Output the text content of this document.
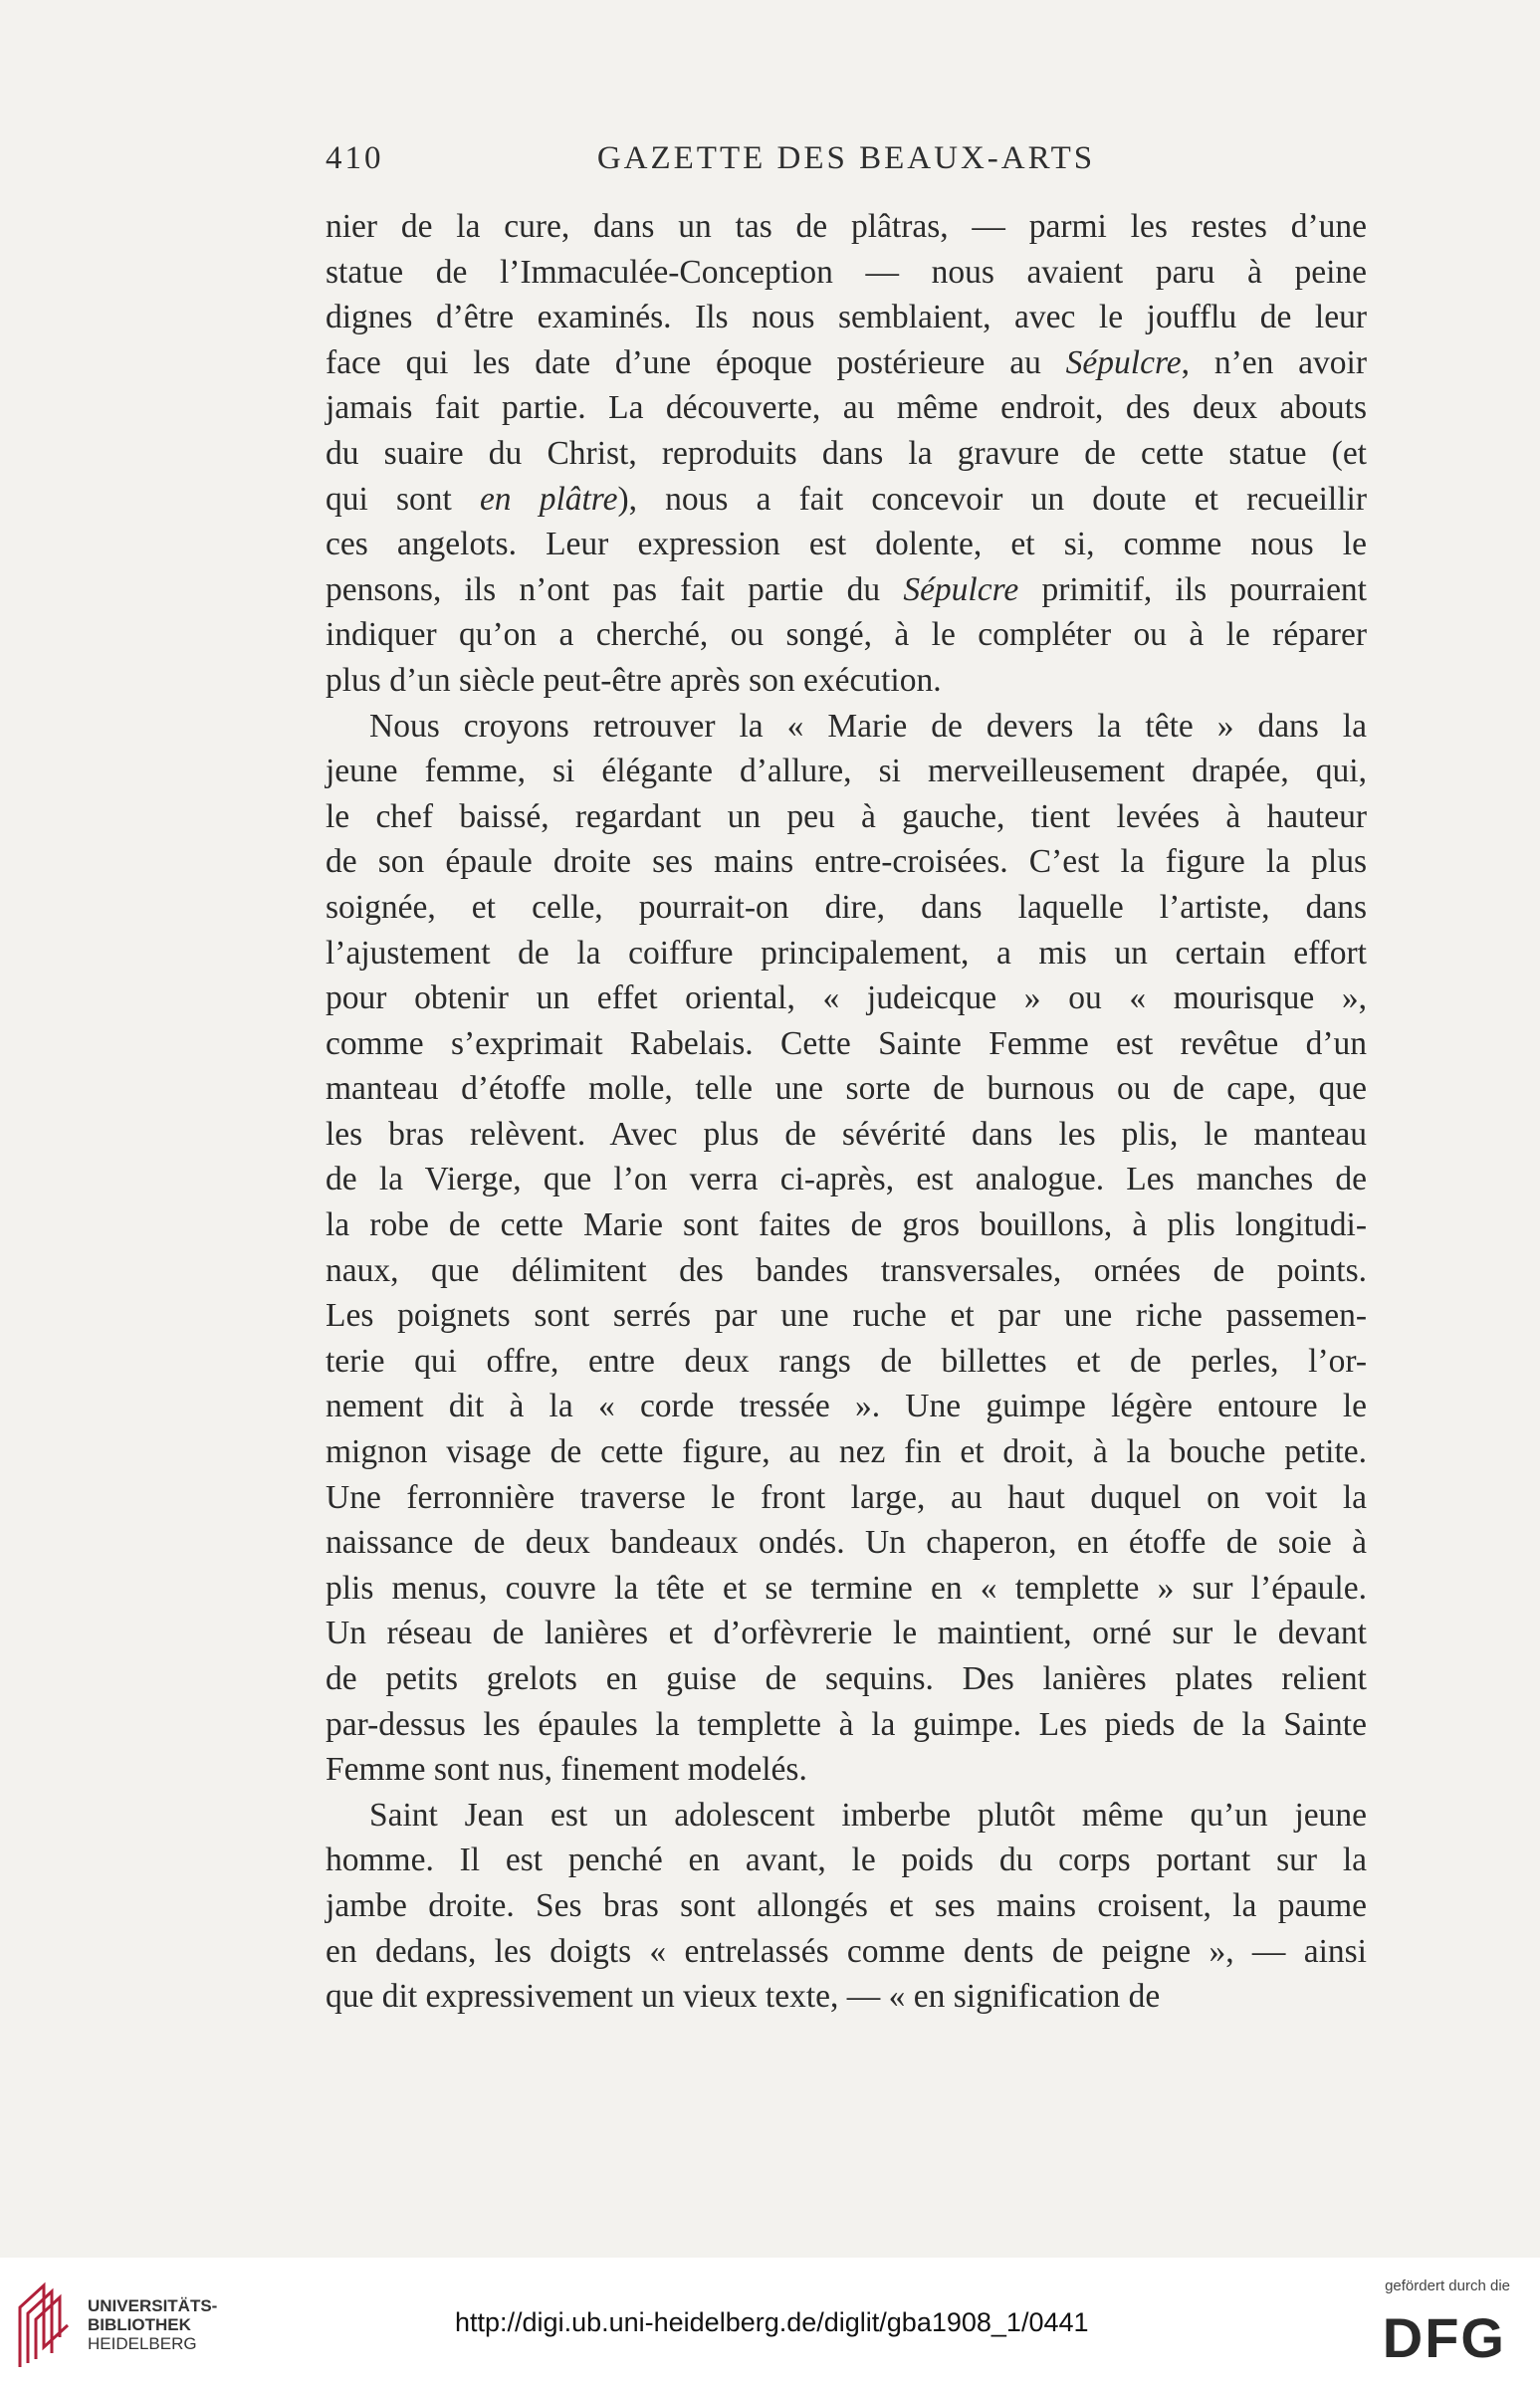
410	GAZETTE DES BEAUX-ARTS
nier de la cure, dans un tas de plâtras, — parmi les restes d’une
statue de l’Immaculée-Conception — nous avaient paru à peine
dignes d’être examinés. Ils nous semblaient, avec le joufflu de leur
face qui les date d’une époque postérieure au Sépulcre, n’en avoir
jamais fait partie. La découverte, au même endroit, des deux abouts
du suaire du Christ, reproduits dans la gravure de cette statue (et
qui sont en plâtre), nous a fait concevoir un doute et recueillir
ces angelots. Leur expression est dolente, et si, comme nous le
pensons, ils n’ont pas fait partie du Sépulcre primitif, ils pourraient
indiquer qu’on a cherché, ou songé, à le compléter ou à le réparer
plus d’un siècle peut-être après son exécution.
Nous croyons retrouver la « Marie de devers la tête » dans la
jeune femme, si élégante d’allure, si merveilleusement drapée, qui,
le chef baissé, regardant un peu à gauche, tient levées à hauteur
de son épaule droite ses mains entre-croisées. C’est la figure la plus
soignée, et celle, pourrait-on dire, dans laquelle l’artiste, dans
l’ajustement de la coiffure principalement, a mis un certain effort
pour obtenir un effet oriental, « judeicque » ou « mourisque »,
comme s’exprimait Rabelais. Cette Sainte Femme est revêtue d’un
manteau d’étoffe molle, telle une sorte de burnous ou de cape, que
les bras relèvent. Avec plus de sévérité dans les plis, le manteau
de la Vierge, que l’on verra ci-après, est analogue. Les manches de
la robe de cette Marie sont faites de gros bouillons, à plis longitudi-
naux, que délimitent des bandes transversales, ornées de points.
Les poignets sont serrés par une ruche et par une riche passemen-
terie qui offre, entre deux rangs de billettes et de perles, l’or-
nement dit à la « corde tressée ». Une guimpe légère entoure le
mignon visage de cette figure, au nez fin et droit, à la bouche petite.
Une ferronnière traverse le front large, au haut duquel on voit la
naissance de deux bandeaux ondés. Un chaperon, en étoffe de soie à
plis menus, couvre la tête et se termine en « templette » sur l’épaule.
Un réseau de lanières et d’orfèvrerie le maintient, orné sur le devant
de petits grelots en guise de sequins. Des lanières plates relient
par-dessus les épaules la templette à la guimpe. Les pieds de la Sainte
Femme sont nus, finement modelés.
Saint Jean est un adolescent imberbe plutôt même qu’un jeune
homme. Il est penché en avant, le poids du corps portant sur la
jambe droite. Ses bras sont allongés et ses mains croisent, la paume
en dedans, les doigts « entrelassés comme dents de peigne », — ainsi
que dit expressivement un vieux texte, — « en signification de
UNIVERSITÄTS-
BIBLIOTHEK
HEIDELBERG
http://digi.ub.uni-heidelberg.de/diglit/gba1908_1/0441
gefördert durch die
DFG
